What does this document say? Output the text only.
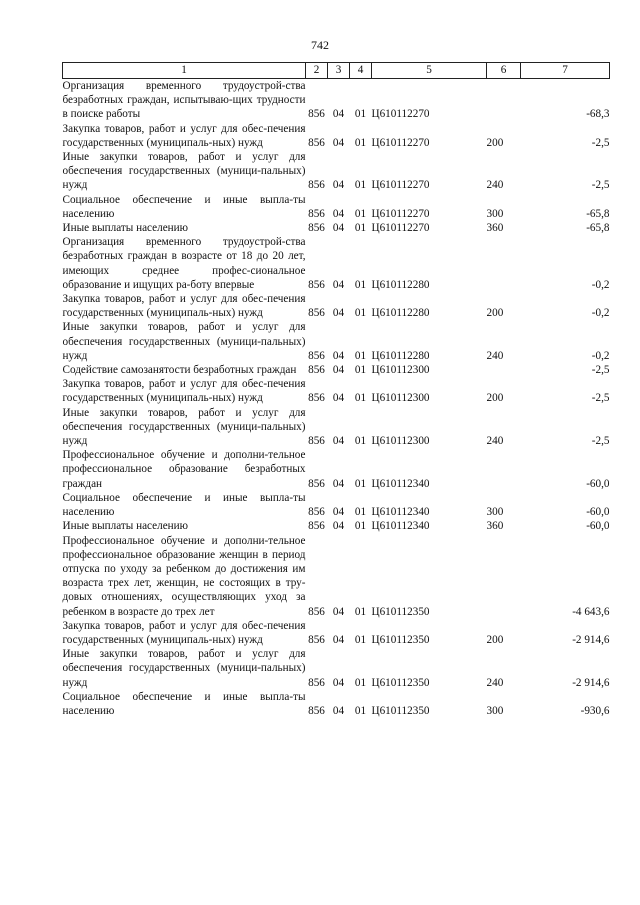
742
1	2	3	4	5	6	7
Организация временного трудоустрой-ства безработных граждан, испытываю-щих трудности в поиске работы	856	04	01	Ц610112270		-68,3
Закупка товаров, работ и услуг для обес-печения государственных (муниципаль-ных) нужд	856	04	01	Ц610112270	200	-2,5
Иные закупки товаров, работ и услуг для обеспечения государственных (муници-пальных) нужд	856	04	01	Ц610112270	240	-2,5
Социальное обеспечение и иные выпла-ты населению	856	04	01	Ц610112270	300	-65,8
Иные выплаты населению	856	04	01	Ц610112270	360	-65,8
Организация временного трудоустрой-ства безработных граждан в возрасте от 18 до 20 лет, имеющих среднее профес-сиональное образование и ищущих ра-боту впервые	856	04	01	Ц610112280		-0,2
Закупка товаров, работ и услуг для обес-печения государственных (муниципаль-ных) нужд	856	04	01	Ц610112280	200	-0,2
Иные закупки товаров, работ и услуг для обеспечения государственных (муници-пальных) нужд	856	04	01	Ц610112280	240	-0,2
Содействие самозанятости безработных граждан	856	04	01	Ц610112300		-2,5
Закупка товаров, работ и услуг для обес-печения государственных (муниципаль-ных) нужд	856	04	01	Ц610112300	200	-2,5
Иные закупки товаров, работ и услуг для обеспечения государственных (муници-пальных) нужд	856	04	01	Ц610112300	240	-2,5
Профессиональное обучение и дополни-тельное профессиональное образование безработных граждан	856	04	01	Ц610112340		-60,0
Социальное обеспечение и иные выпла-ты населению	856	04	01	Ц610112340	300	-60,0
Иные выплаты населению	856	04	01	Ц610112340	360	-60,0
Профессиональное обучение и дополни-тельное профессиональное образование женщин в период отпуска по уходу за ребенком до достижения им возраста трех лет, женщин, не состоящих в тру-довых отношениях, осуществляющих уход за ребенком в возрасте до трех лет	856	04	01	Ц610112350		-4 643,6
Закупка товаров, работ и услуг для обес-печения государственных (муниципаль-ных) нужд	856	04	01	Ц610112350	200	-2 914,6
Иные закупки товаров, работ и услуг для обеспечения государственных (муници-пальных) нужд	856	04	01	Ц610112350	240	-2 914,6
Социальное обеспечение и иные выпла-ты населению	856	04	01	Ц610112350	300	-930,6
